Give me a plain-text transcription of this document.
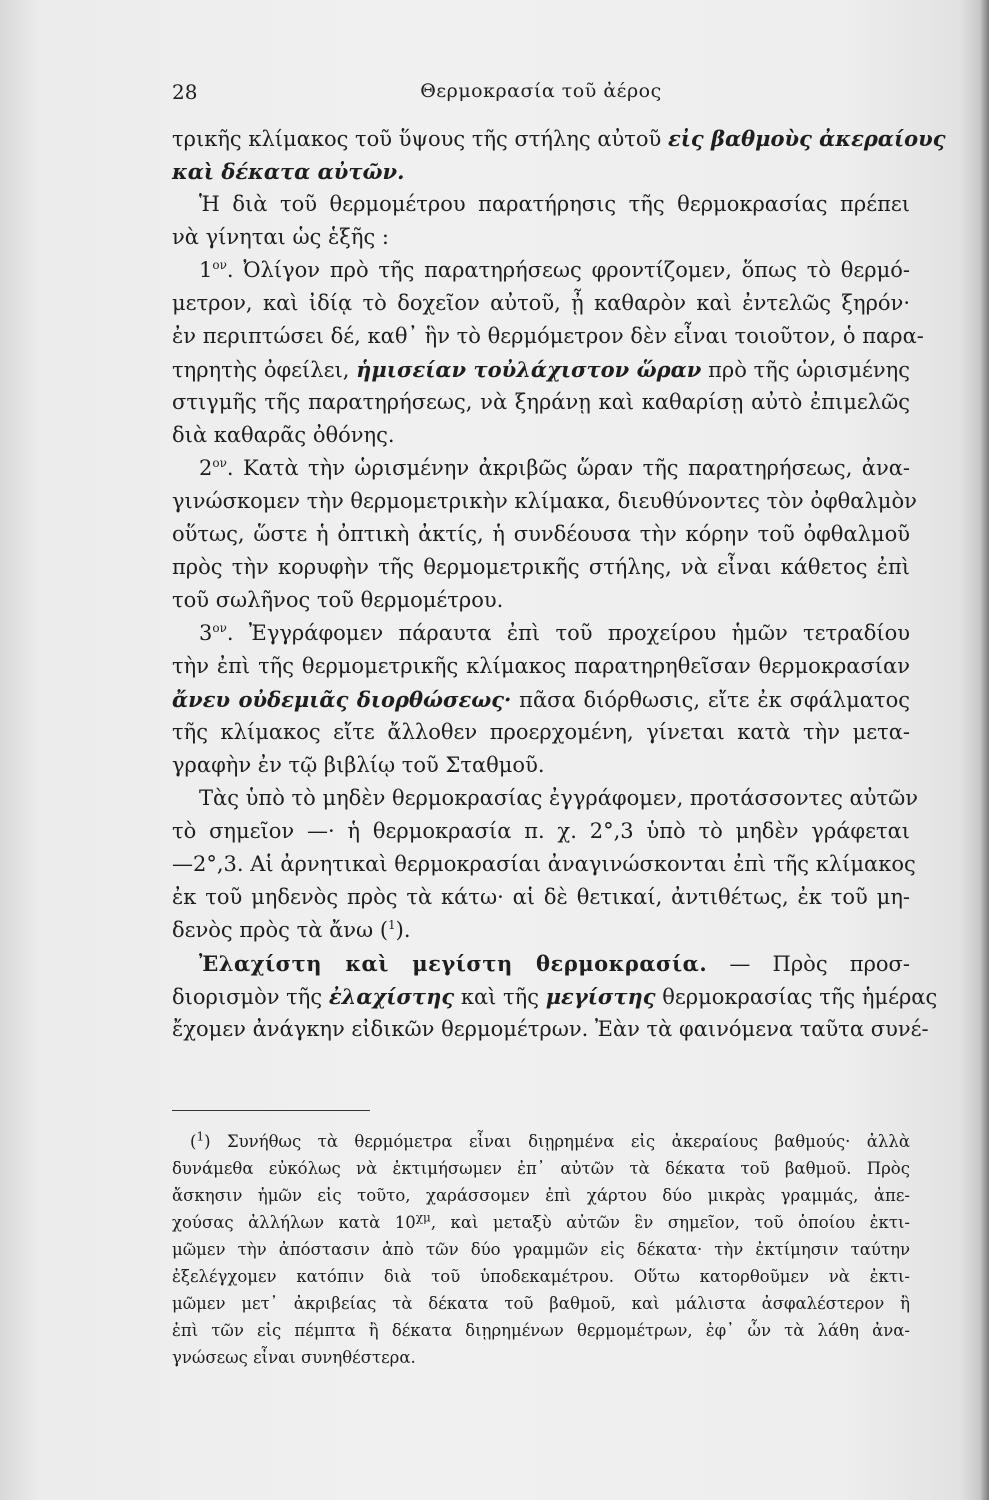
28	Θερμοκρασία τοῦ ἀέρος
τρικῆς κλίμακος τοῦ ὕψους τῆς στήλης αὐτοῦ εἰς βαθμοὺς ἀκεραίους
καὶ δέκατα αὐτῶν.
Ἡ διὰ τοῦ θερμομέτρου παρατήρησις τῆς θερμοκρασίας πρέπει
νὰ γίνηται ὡς ἑξῆς :
$1^{o\nu}$. Ὀλίγον πρὸ τῆς παρατηρήσεως φροντίζομεν, ὅπως τὸ θερμό-
μετρον, καὶ ἰδίᾳ τὸ δοχεῖον αὐτοῦ, ᾖ καθαρὸν καὶ ἐντελῶς ξηρόν·
ἐν περιπτώσει δέ, καθ᾽ ἣν τὸ θερμόμετρον δὲν εἶναι τοιοῦτον, ὁ παρα-
τηρητὴς ὀφείλει, ἡμισείαν τοὐλάχιστον ὥραν πρὸ τῆς ὡρισμένης
στιγμῆς τῆς παρατηρήσεως, νὰ ξηράνῃ καὶ καθαρίσῃ αὐτὸ ἐπιμελῶς
διὰ καθαρᾶς ὀθόνης.
$2^{o\nu}$. Κατὰ τὴν ὡρισμένην ἀκριβῶς ὥραν τῆς παρατηρήσεως, ἀνα-
γινώσκομεν τὴν θερμομετρικὴν κλίμακα, διευθύνοντες τὸν ὀφθαλμὸν
οὕτως, ὥστε ἡ ὀπτικὴ ἀκτίς, ἡ συνδέουσα τὴν κόρην τοῦ ὀφθαλμοῦ
πρὸς τὴν κορυφὴν τῆς θερμομετρικῆς στήλης, νὰ εἶναι κάθετος ἐπὶ
τοῦ σωλῆνος τοῦ θερμομέτρου.
$3^{o\nu}$. Ἐγγράφομεν πάραυτα ἐπὶ τοῦ προχείρου ἡμῶν τετραδίου
τὴν ἐπὶ τῆς θερμομετρικῆς κλίμακος παρατηρηθεῖσαν θερμοκρασίαν
ἄνευ οὐδεμιᾶς διορθώσεως· πᾶσα διόρθωσις, εἴτε ἐκ σφάλματος
τῆς κλίμακος εἴτε ἄλλοθεν προερχομένη, γίνεται κατὰ τὴν μετα-
γραφὴν ἐν τῷ βιβλίῳ τοῦ Σταθμοῦ.
Τὰς ὑπὸ τὸ μηδὲν θερμοκρασίας ἐγγράφομεν, προτάσσοντες αὐτῶν
τὸ σημεῖον —· ἡ θερμοκρασία π. χ. 2°,3 ὑπὸ τὸ μηδὲν γράφεται
—2°,3. Αἱ ἀρνητικαὶ θερμοκρασίαι ἀναγινώσκονται ἐπὶ τῆς κλίμακος
ἐκ τοῦ μηδενὸς πρὸς τὰ κάτω· αἱ δὲ θετικαί, ἀντιθέτως, ἐκ τοῦ μη-
δενὸς πρὸς τὰ ἄνω ($^1$).
Ἐλαχίστη καὶ μεγίστη θερμοκρασία. — Πρὸς προσ-
διορισμὸν τῆς ἐλαχίστης καὶ τῆς μεγίστης θερμοκρασίας τῆς ἡμέρας
ἔχομεν ἀνάγκην εἰδικῶν θερμομέτρων. Ἐὰν τὰ φαινόμενα ταῦτα συνέ-
($^1$) Συνήθως τὰ θερμόμετρα εἶναι διῃρημένα εἰς ἀκεραίους βαθμούς· ἀλλὰ
δυνάμεθα εὐκόλως νὰ ἐκτιμήσωμεν ἐπ᾽ αὐτῶν τὰ δέκατα τοῦ βαθμοῦ. Πρὸς
ἄσκησιν ἡμῶν εἰς τοῦτο, χαράσσομεν ἐπὶ χάρτου δύο μικρὰς γραμμάς, ἀπε-
χούσας ἀλλήλων κατὰ $10^{\chi\mu}$, καὶ μεταξὺ αὐτῶν ἓν σημεῖον, τοῦ ὁποίου ἐκτι-
μῶμεν τὴν ἀπόστασιν ἀπὸ τῶν δύο γραμμῶν εἰς δέκατα· τὴν ἐκτίμησιν ταύτην
ἐξελέγχομεν κατόπιν διὰ τοῦ ὑποδεκαμέτρου. Οὕτω κατορθοῦμεν νὰ ἐκτι-
μῶμεν μετ᾽ ἀκριβείας τὰ δέκατα τοῦ βαθμοῦ, καὶ μάλιστα ἀσφαλέστερον ἢ
ἐπὶ τῶν εἰς πέμπτα ἢ δέκατα διῃρημένων θερμομέτρων, ἐφ᾽ ὧν τὰ λάθη ἀνα-
γνώσεως εἶναι συνηθέστερα.
